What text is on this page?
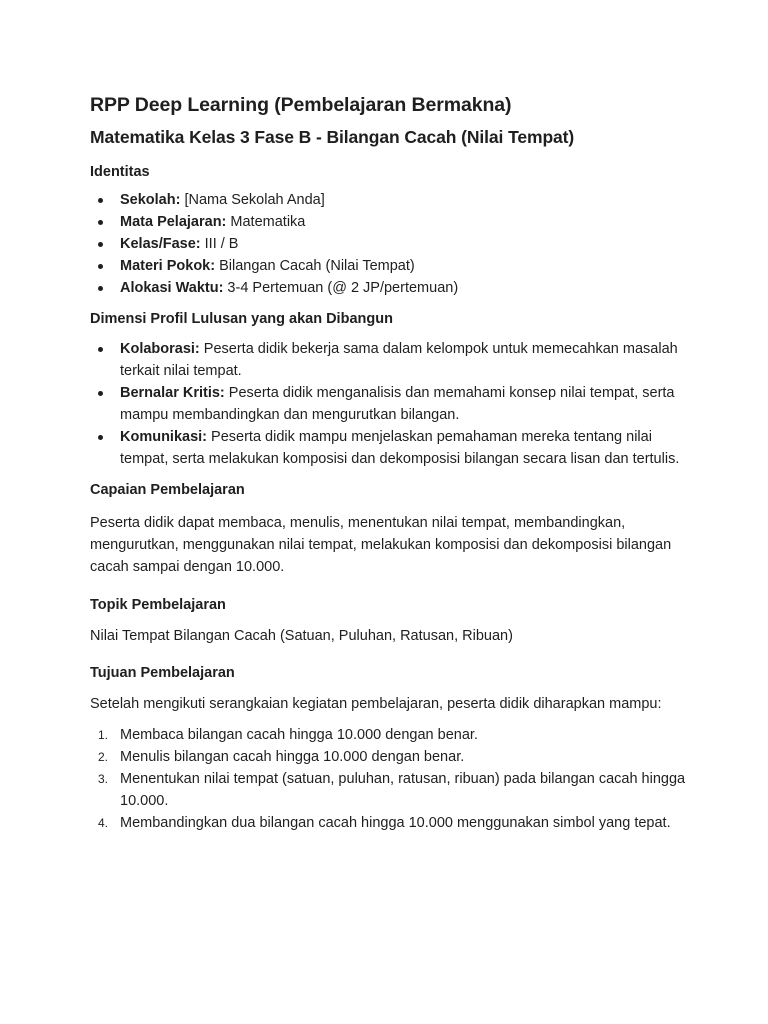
RPP Deep Learning (Pembelajaran Bermakna)
Matematika Kelas 3 Fase B - Bilangan Cacah (Nilai Tempat)
Identitas
Sekolah: [Nama Sekolah Anda]
Mata Pelajaran: Matematika
Kelas/Fase: III / B
Materi Pokok: Bilangan Cacah (Nilai Tempat)
Alokasi Waktu: 3-4 Pertemuan (@ 2 JP/pertemuan)
Dimensi Profil Lulusan yang akan Dibangun
Kolaborasi: Peserta didik bekerja sama dalam kelompok untuk memecahkan masalah terkait nilai tempat.
Bernalar Kritis: Peserta didik menganalisis dan memahami konsep nilai tempat, serta mampu membandingkan dan mengurutkan bilangan.
Komunikasi: Peserta didik mampu menjelaskan pemahaman mereka tentang nilai tempat, serta melakukan komposisi dan dekomposisi bilangan secara lisan dan tertulis.
Capaian Pembelajaran

Peserta didik dapat membaca, menulis, menentukan nilai tempat, membandingkan, mengurutkan, menggunakan nilai tempat, melakukan komposisi dan dekomposisi bilangan cacah sampai dengan 10.000.

Topik Pembelajaran

Nilai Tempat Bilangan Cacah (Satuan, Puluhan, Ratusan, Ribuan)

Tujuan Pembelajaran

Setelah mengikuti serangkaian kegiatan pembelajaran, peserta didik diharapkan mampu:

1. Membaca bilangan cacah hingga 10.000 dengan benar.
2. Menulis bilangan cacah hingga 10.000 dengan benar.
3. Menentukan nilai tempat (satuan, puluhan, ratusan, ribuan) pada bilangan cacah hingga 10.000.
4. Membandingkan dua bilangan cacah hingga 10.000 menggunakan simbol yang tepat.
